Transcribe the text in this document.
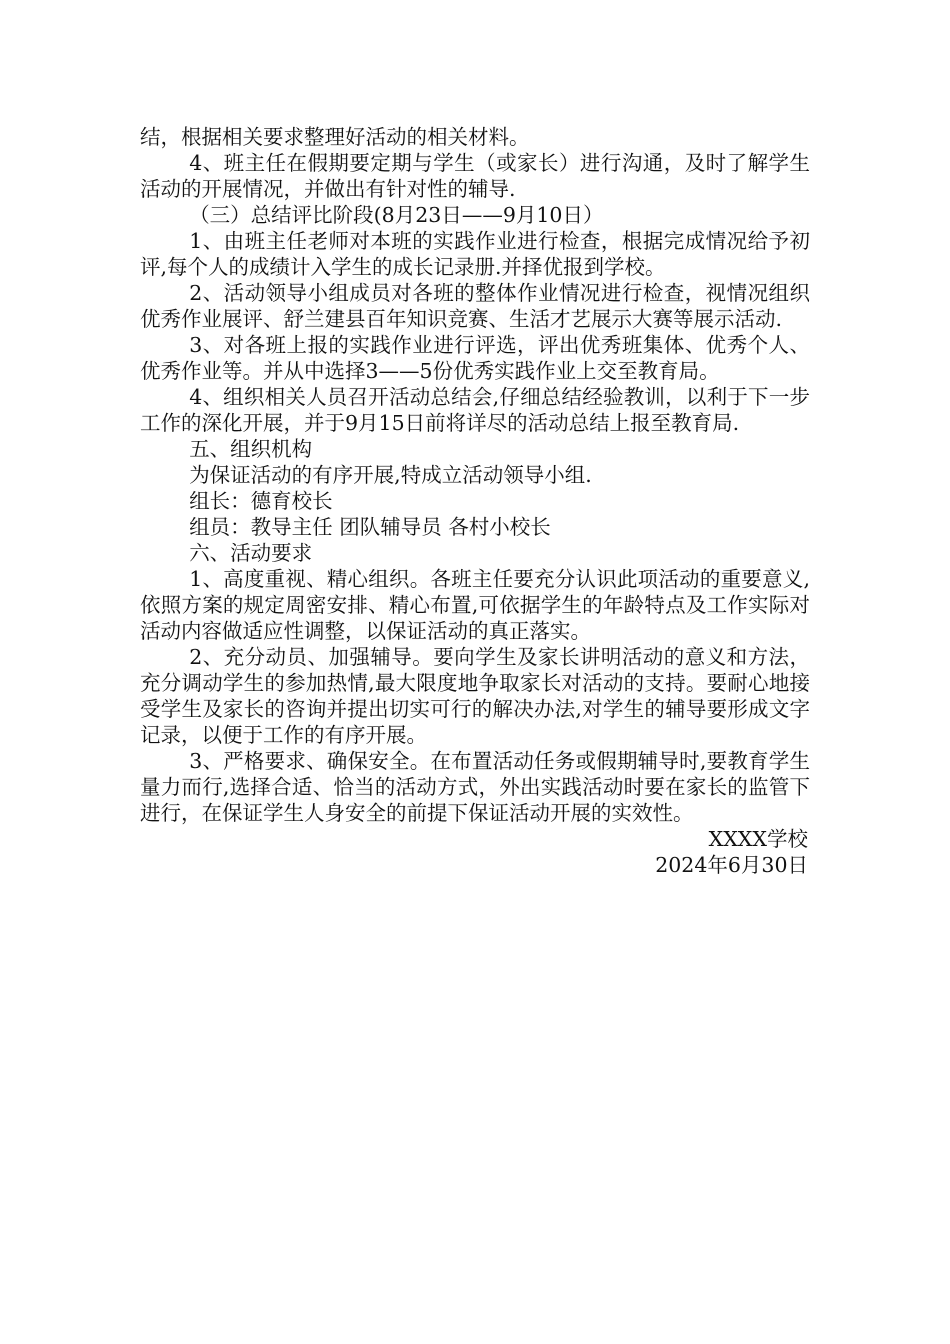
结，根据相关要求整理好活动的相关材料。

4、班主任在假期要定期与学生（或家长）进行沟通，及时了解学生活动的开展情况，并做出有针对性的辅导.

（三）总结评比阶段(8月23日——9月10日）

1、由班主任老师对本班的实践作业进行检查，根据完成情况给予初评,每个人的成绩计入学生的成长记录册.并择优报到学校。

2、活动领导小组成员对各班的整体作业情况进行检查，视情况组织优秀作业展评、舒兰建县百年知识竞赛、生活才艺展示大赛等展示活动.

3、对各班上报的实践作业进行评选，评出优秀班集体、优秀个人、优秀作业等。并从中选择3——5份优秀实践作业上交至教育局。

4、组织相关人员召开活动总结会,仔细总结经验教训，以利于下一步工作的深化开展，并于9月15日前将详尽的活动总结上报至教育局.

五、组织机构

为保证活动的有序开展,特成立活动领导小组.

组长：德育校长

组员：教导主任 团队辅导员 各村小校长

六、活动要求

1、高度重视、精心组织。各班主任要充分认识此项活动的重要意义,依照方案的规定周密安排、精心布置,可依据学生的年龄特点及工作实际对活动内容做适应性调整，以保证活动的真正落实。

2、充分动员、加强辅导。要向学生及家长讲明活动的意义和方法，充分调动学生的参加热情,最大限度地争取家长对活动的支持。要耐心地接受学生及家长的咨询并提出切实可行的解决办法,对学生的辅导要形成文字记录，以便于工作的有序开展。

3、严格要求、确保安全。在布置活动任务或假期辅导时,要教育学生量力而行,选择合适、恰当的活动方式，外出实践活动时要在家长的监管下进行，在保证学生人身安全的前提下保证活动开展的实效性。

XXXX学校

2024年6月30日
